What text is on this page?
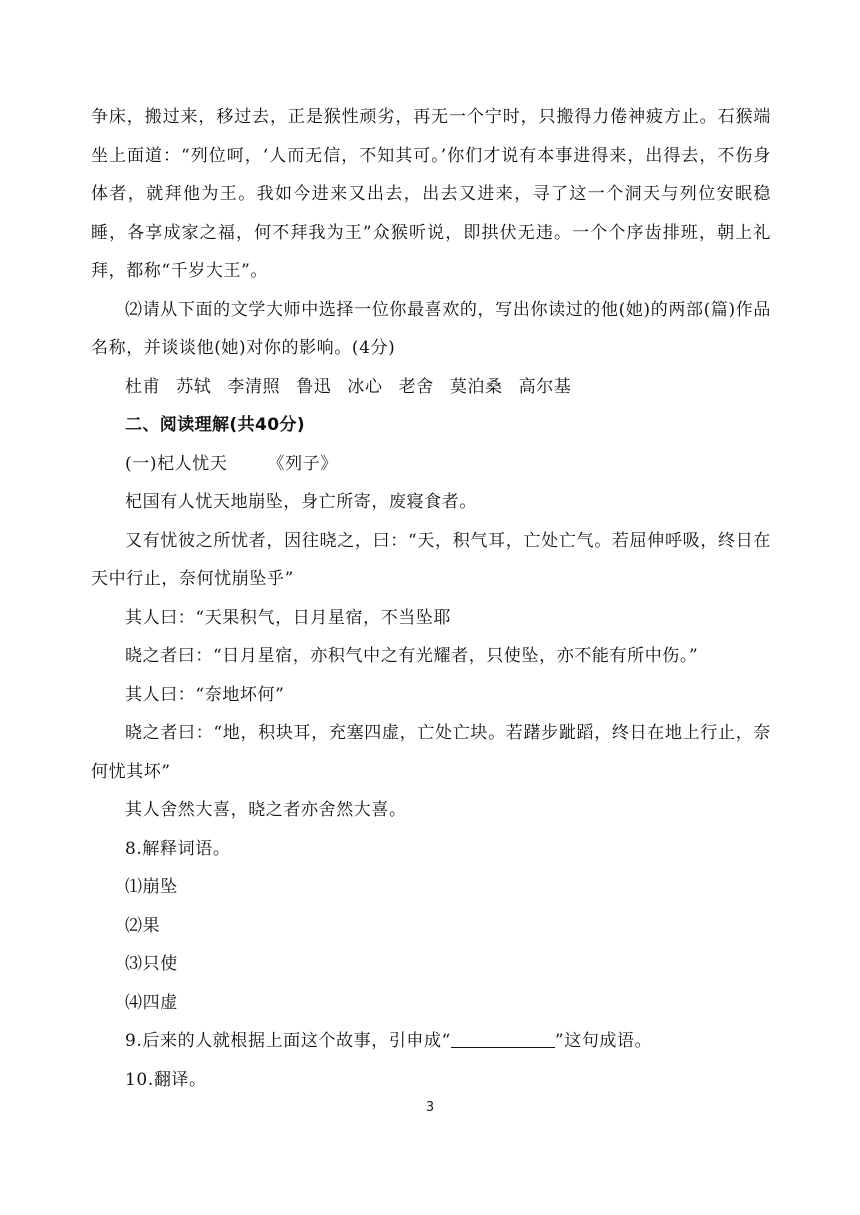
争床，搬过来，移过去，正是猴性顽劣，再无一个宁时，只搬得力倦神疲方止。石猴端坐上面道：“列位呵，‘人而无信，不知其可。’你们才说有本事进得来，出得去，不伤身体者，就拜他为王。我如今进来又出去，出去又进来，寻了这一个洞天与列位安眠稳睡，各享成家之福，何不拜我为王”众猴听说，即拱伏无违。一个个序齿排班，朝上礼拜，都称“千岁大王”。

⑵请从下面的文学大师中选择一位你最喜欢的，写出你读过的他(她)的两部(篇)作品名称，并谈谈他(她)对你的影响。(4分)

杜甫 苏轼 李清照 鲁迅 冰心 老舍 莫泊桑 高尔基

二、阅读理解(共40分)

(一)杞人忧天 《列子》

杞国有人忧天地崩坠，身亡所寄，废寝食者。

又有忧彼之所忧者，因往晓之，曰：“天，积气耳，亡处亡气。若屈伸呼吸，终日在天中行止，奈何忧崩坠乎”

其人曰：“天果积气，日月星宿，不当坠耶

晓之者曰：“日月星宿，亦积气中之有光耀者，只使坠，亦不能有所中伤。”

其人曰：“奈地坏何”

晓之者曰：“地，积块耳，充塞四虚，亡处亡块。若躇步跐蹈，终日在地上行止，奈何忧其坏”

其人舍然大喜，晓之者亦舍然大喜。

8.解释词语。

⑴崩坠

⑵果

⑶只使

⑷四虚

9.后来的人就根据上面这个故事，引申成“	”这句成语。

10.翻译。

3
